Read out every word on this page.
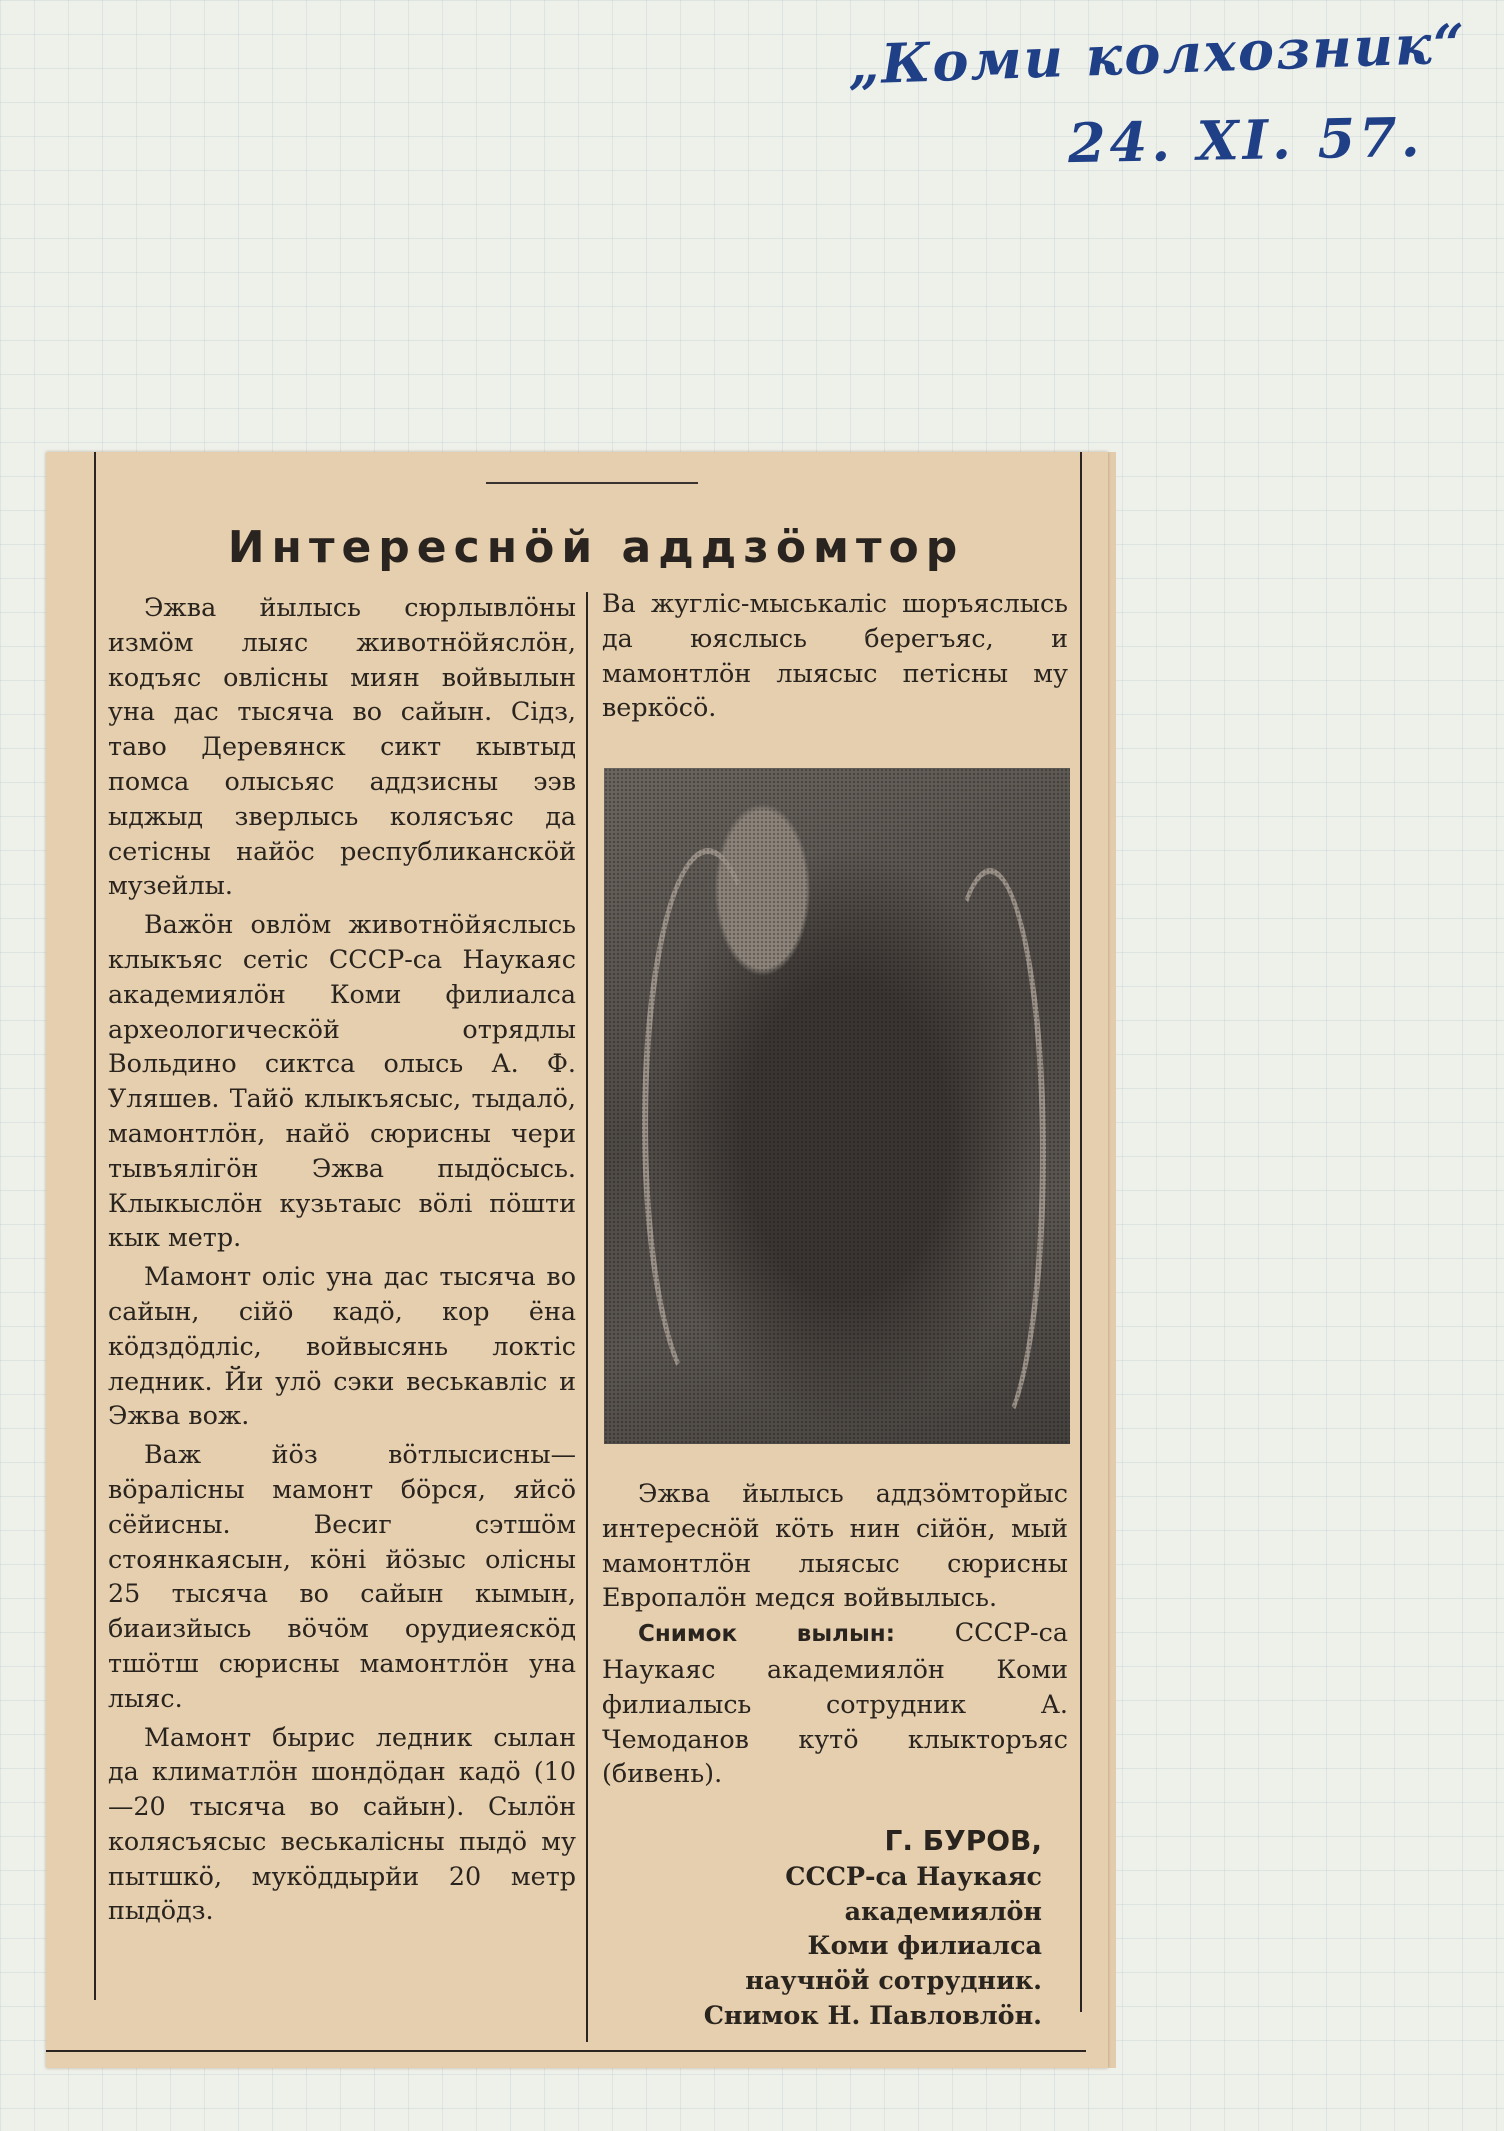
„Коми колхозник“
24. XI. 57.
Интереснӧй аддзӧмтор

Эжва йылысь сюрлывлӧны измӧм лыяс животнӧйяслӧн, кодъяс овлісны миян войвылын уна дас тысяча во сайын. Сідз, таво Деревянск сикт кывтыд помса олысьяс аддзисны ээв ыджыд зверлысь колясъяс да сетісны найӧс республиканскӧй музейлы.

Важӧн овлӧм животнӧйяслысь клыкъяс сетіс СССР-са Наукаяс академиялӧн Коми филиалса археологическӧй отрядлы Вольдино сиктса олысь А. Ф. Уляшев. Тайӧ клыкъясыс, тыдалӧ, мамонтлӧн, найӧ сюрисны чери тывъялігӧн Эжва пыдӧсысь. Клыкыслӧн кузьтаыс вӧлі пӧшти кык метр.

Мамонт оліс уна дас тысяча во сайын, сійӧ кадӧ, кор ёна кӧдздӧдліс, войвысянь локтіс ледник. Йи улӧ сэки веськавліс и Эжва вож.

Важ йӧз вӧтлысисны—вӧралісны мамонт бӧрся, яйсӧ сёйисны. Весиг сэтшӧм стоянкаясын, кӧні йӧзыс олісны 25 тысяча во сайын кымын, биаизйысь вӧчӧм орудиеяскӧд тшӧтш сюрисны мамонтлӧн уна лыяс.

Мамонт бырис ледник сылан да климатлӧн шондӧдан кадӧ (10—20 тысяча во сайын). Сылӧн колясъясыс веськалісны пыдӧ му пытшкӧ, мукӧддырйи 20 метр пыдӧдз.

Ва жугліс-мыськаліс шоръяслысь да юяслысь берегъяс, и мамонтлӧн лыясыс петісны му веркӧсӧ.

Эжва йылысь аддзӧмторйыс интереснӧй кӧть нин сійӧн, мый мамонтлӧн лыясыс сюрисны Европалӧн медся войвылысь.

Снимок вылын: СССР-са Наукаяс академиялӧн Коми филиалысь сотрудник А. Чемоданов кутӧ клыкторъяс (бивень).

Г. БУРОВ,
СССР-са Наукаяс
академиялӧн
Коми филиалса
научнӧй сотрудник.
Снимок Н. Павловлӧн.
